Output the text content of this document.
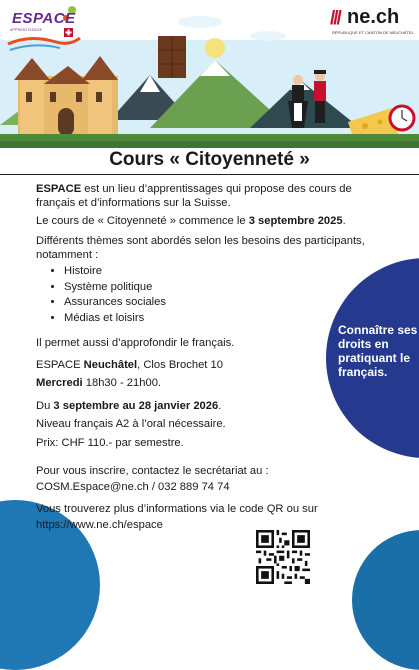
ESPACE
APPRENTISSAGE
/// ne.ch
RÉPUBLIQUE ET CANTON DE NEUCHÂTEL
Cours « Citoyenneté »
Connaître ses droits en pratiquant le français.

ESPACE est un lieu d’apprentissages qui propose des cours de français et d’informations sur la Suisse.

Le cours de « Citoyenneté » commence le 3 septembre 2025.

Différents thèmes sont abordés selon les besoins des participants, notamment :

• Histoire
• Système politique
• Assurances sociales
• Médias et loisirs

Il permet aussi d’approfondir le français.

ESPACE Neuchâtel, Clos Brochet 10

Mercredi 18h30 - 21h00.

Du 3 septembre au 28 janvier 2026.

Niveau français A2 à l’oral nécessaire.

Prix: CHF 110.- par semestre.

Pour vous inscrire, contactez le secrétariat au :

COSM.Espace@ne.ch / 032 889 74 74

Vous trouverez plus d’informations via le code QR ou sur

https://www.ne.ch/espace
